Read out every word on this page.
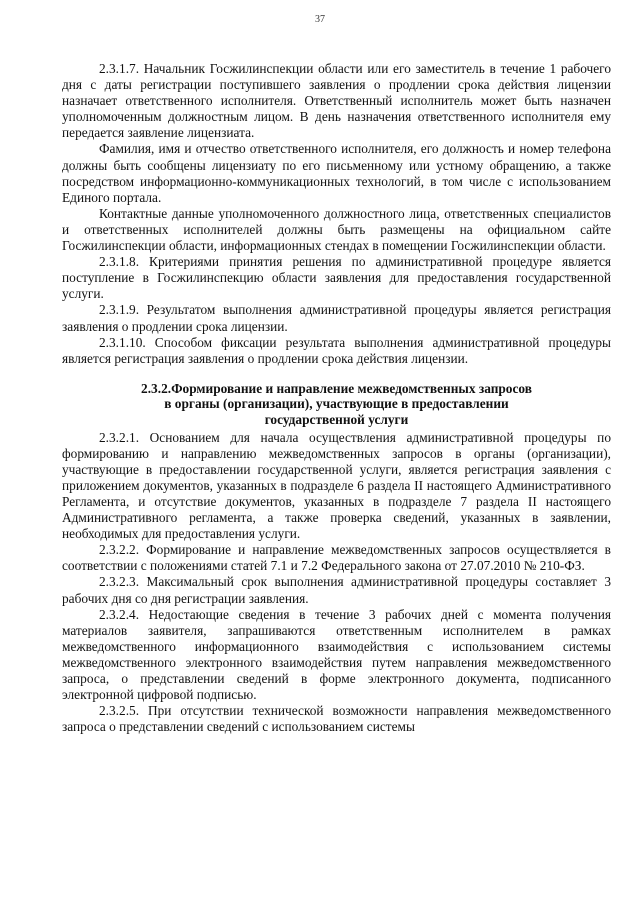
37

2.3.1.7. Начальник Госжилинспекции области или его заместитель в течение 1 рабочего дня с даты регистрации поступившего заявления о продлении срока действия лицензии назначает ответственного исполнителя. Ответственный исполнитель может быть назначен уполномоченным должностным лицом. В день назначения ответственного исполнителя ему передается заявление лицензиата.

Фамилия, имя и отчество ответственного исполнителя, его должность и номер телефона должны быть сообщены лицензиату по его письменному или устному обращению, а также посредством информационно-коммуникационных технологий, в том числе с использованием Единого портала.

Контактные данные уполномоченного должностного лица, ответственных специалистов и ответственных исполнителей должны быть размещены на официальном сайте Госжилинспекции области, информационных стендах в помещении Госжилинспекции области.

2.3.1.8. Критериями принятия решения по административной процедуре является поступление в Госжилинспекцию области заявления для предоставления государственной услуги.

2.3.1.9. Результатом выполнения административной процедуры является регистрация заявления о продлении срока лицензии.

2.3.1.10. Способом фиксации результата выполнения административной процедуры является регистрация заявления о продлении срока действия лицензии.

2.3.2.Формирование и направление межведомственных запросов
в органы (организации), участвующие в предоставлении
государственной услуги

2.3.2.1. Основанием для начала осуществления административной процедуры по формированию и направлению межведомственных запросов в органы (организации), участвующие в предоставлении государственной услуги, является регистрация заявления с приложением документов, указанных в подразделе 6 раздела II настоящего Административного Регламента, и отсутствие документов, указанных в подразделе 7 раздела II настоящего Административного регламента, а также проверка сведений, указанных в заявлении, необходимых для предоставления услуги.

2.3.2.2. Формирование и направление межведомственных запросов осуществляется в соответствии с положениями статей 7.1 и 7.2 Федерального закона от 27.07.2010 № 210-ФЗ.

2.3.2.3. Максимальный срок выполнения административной процедуры составляет 3 рабочих дня со дня регистрации заявления.

2.3.2.4. Недостающие сведения в течение 3 рабочих дней с момента получения материалов заявителя, запрашиваются ответственным исполнителем в рамках межведомственного информационного взаимодействия с использованием системы межведомственного электронного взаимодействия путем направления межведомственного запроса, о представлении сведений в форме электронного документа, подписанного электронной цифровой подписью.

2.3.2.5. При отсутствии технической возможности направления межведомственного запроса о представлении сведений с использованием системы
